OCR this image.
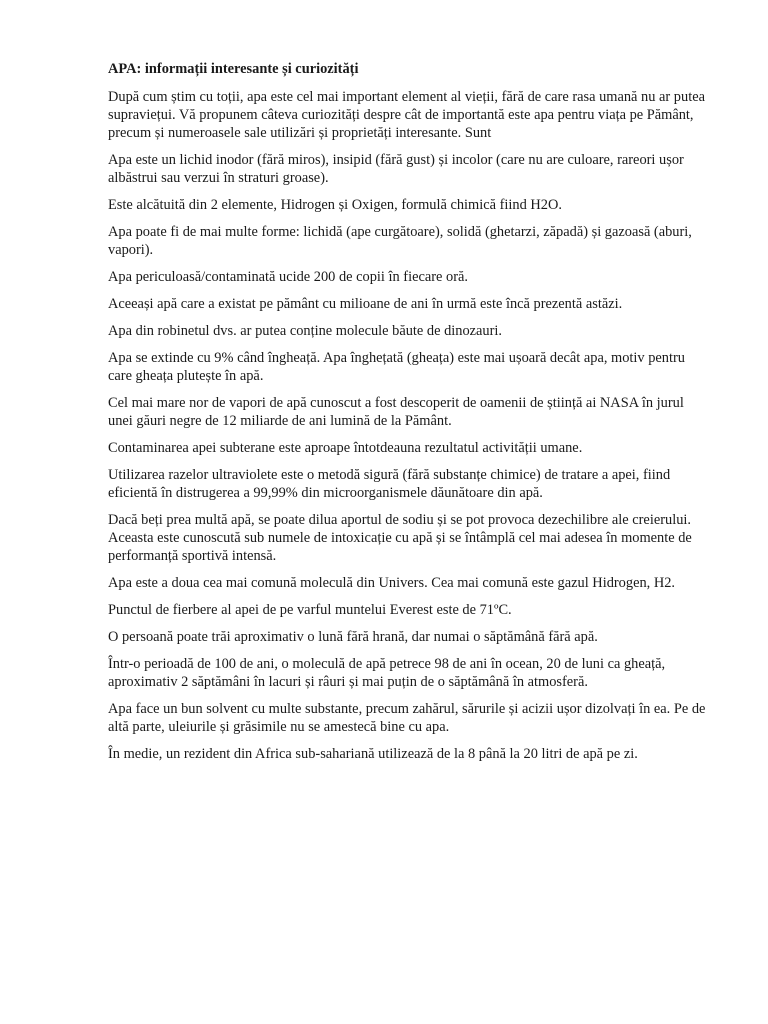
APA: informații interesante și curiozități

După cum știm cu toții, apa este cel mai important element al vieții, fără de care rasa umană nu ar putea supraviețui. Vă propunem câteva curiozități despre cât de importantă este apa pentru viața pe Pământ, precum și numeroasele sale utilizări și proprietăți interesante. Sunt

Apa este un lichid inodor (fără miros), insipid (fără gust) și incolor (care nu are culoare, rareori ușor albăstrui sau verzui în straturi groase).

Este alcătuită din 2 elemente, Hidrogen și Oxigen, formulă chimică fiind H2O.

Apa poate fi de mai multe forme: lichidă (ape curgătoare), solidă (ghetarzi, zăpadă) și gazoasă (aburi, vapori).

Apa periculoasă/contaminată ucide 200 de copii în fiecare oră.

Aceeași apă care a existat pe pământ cu milioane de ani în urmă este încă prezentă astăzi.

Apa din robinetul dvs. ar putea conține molecule băute de dinozauri.

Apa se extinde cu 9% când îngheață. Apa înghețată (gheața) este mai ușoară decât apa, motiv pentru care gheața plutește în apă.

Cel mai mare nor de vapori de apă cunoscut a fost descoperit de oamenii de știință ai NASA în jurul unei găuri negre de 12 miliarde de ani lumină de la Pământ.

Contaminarea apei subterane este aproape întotdeauna rezultatul activității umane.

Utilizarea razelor ultraviolete este o metodă sigură (fără substanțe chimice) de tratare a apei, fiind eficientă în distrugerea a 99,99% din microorganismele dăunătoare din apă.

Dacă beți prea multă apă, se poate dilua aportul de sodiu și se pot provoca dezechilibre ale creierului. Aceasta este cunoscută sub numele de intoxicație cu apă și se întâmplă cel mai adesea în momente de performanță sportivă intensă.

Apa este a doua cea mai comună moleculă din Univers. Cea mai comună este gazul Hidrogen, H2.

Punctul de fierbere al apei de pe varful muntelui Everest este de 71ºC.

O persoană poate trăi aproximativ o lună fără hrană, dar numai o săptămână fără apă.

Într-o perioadă de 100 de ani, o moleculă de apă petrece 98 de ani în ocean, 20 de luni ca gheață, aproximativ 2 săptămâni în lacuri și râuri și mai puțin de o săptămână în atmosferă.

Apa face un bun solvent cu multe substante, precum zahărul, sărurile și acizii ușor dizolvați în ea. Pe de altă parte, uleiurile și grăsimile nu se amestecă bine cu apa.

În medie, un rezident din Africa sub-sahariană utilizează de la 8 până la 20 litri de apă pe zi.
